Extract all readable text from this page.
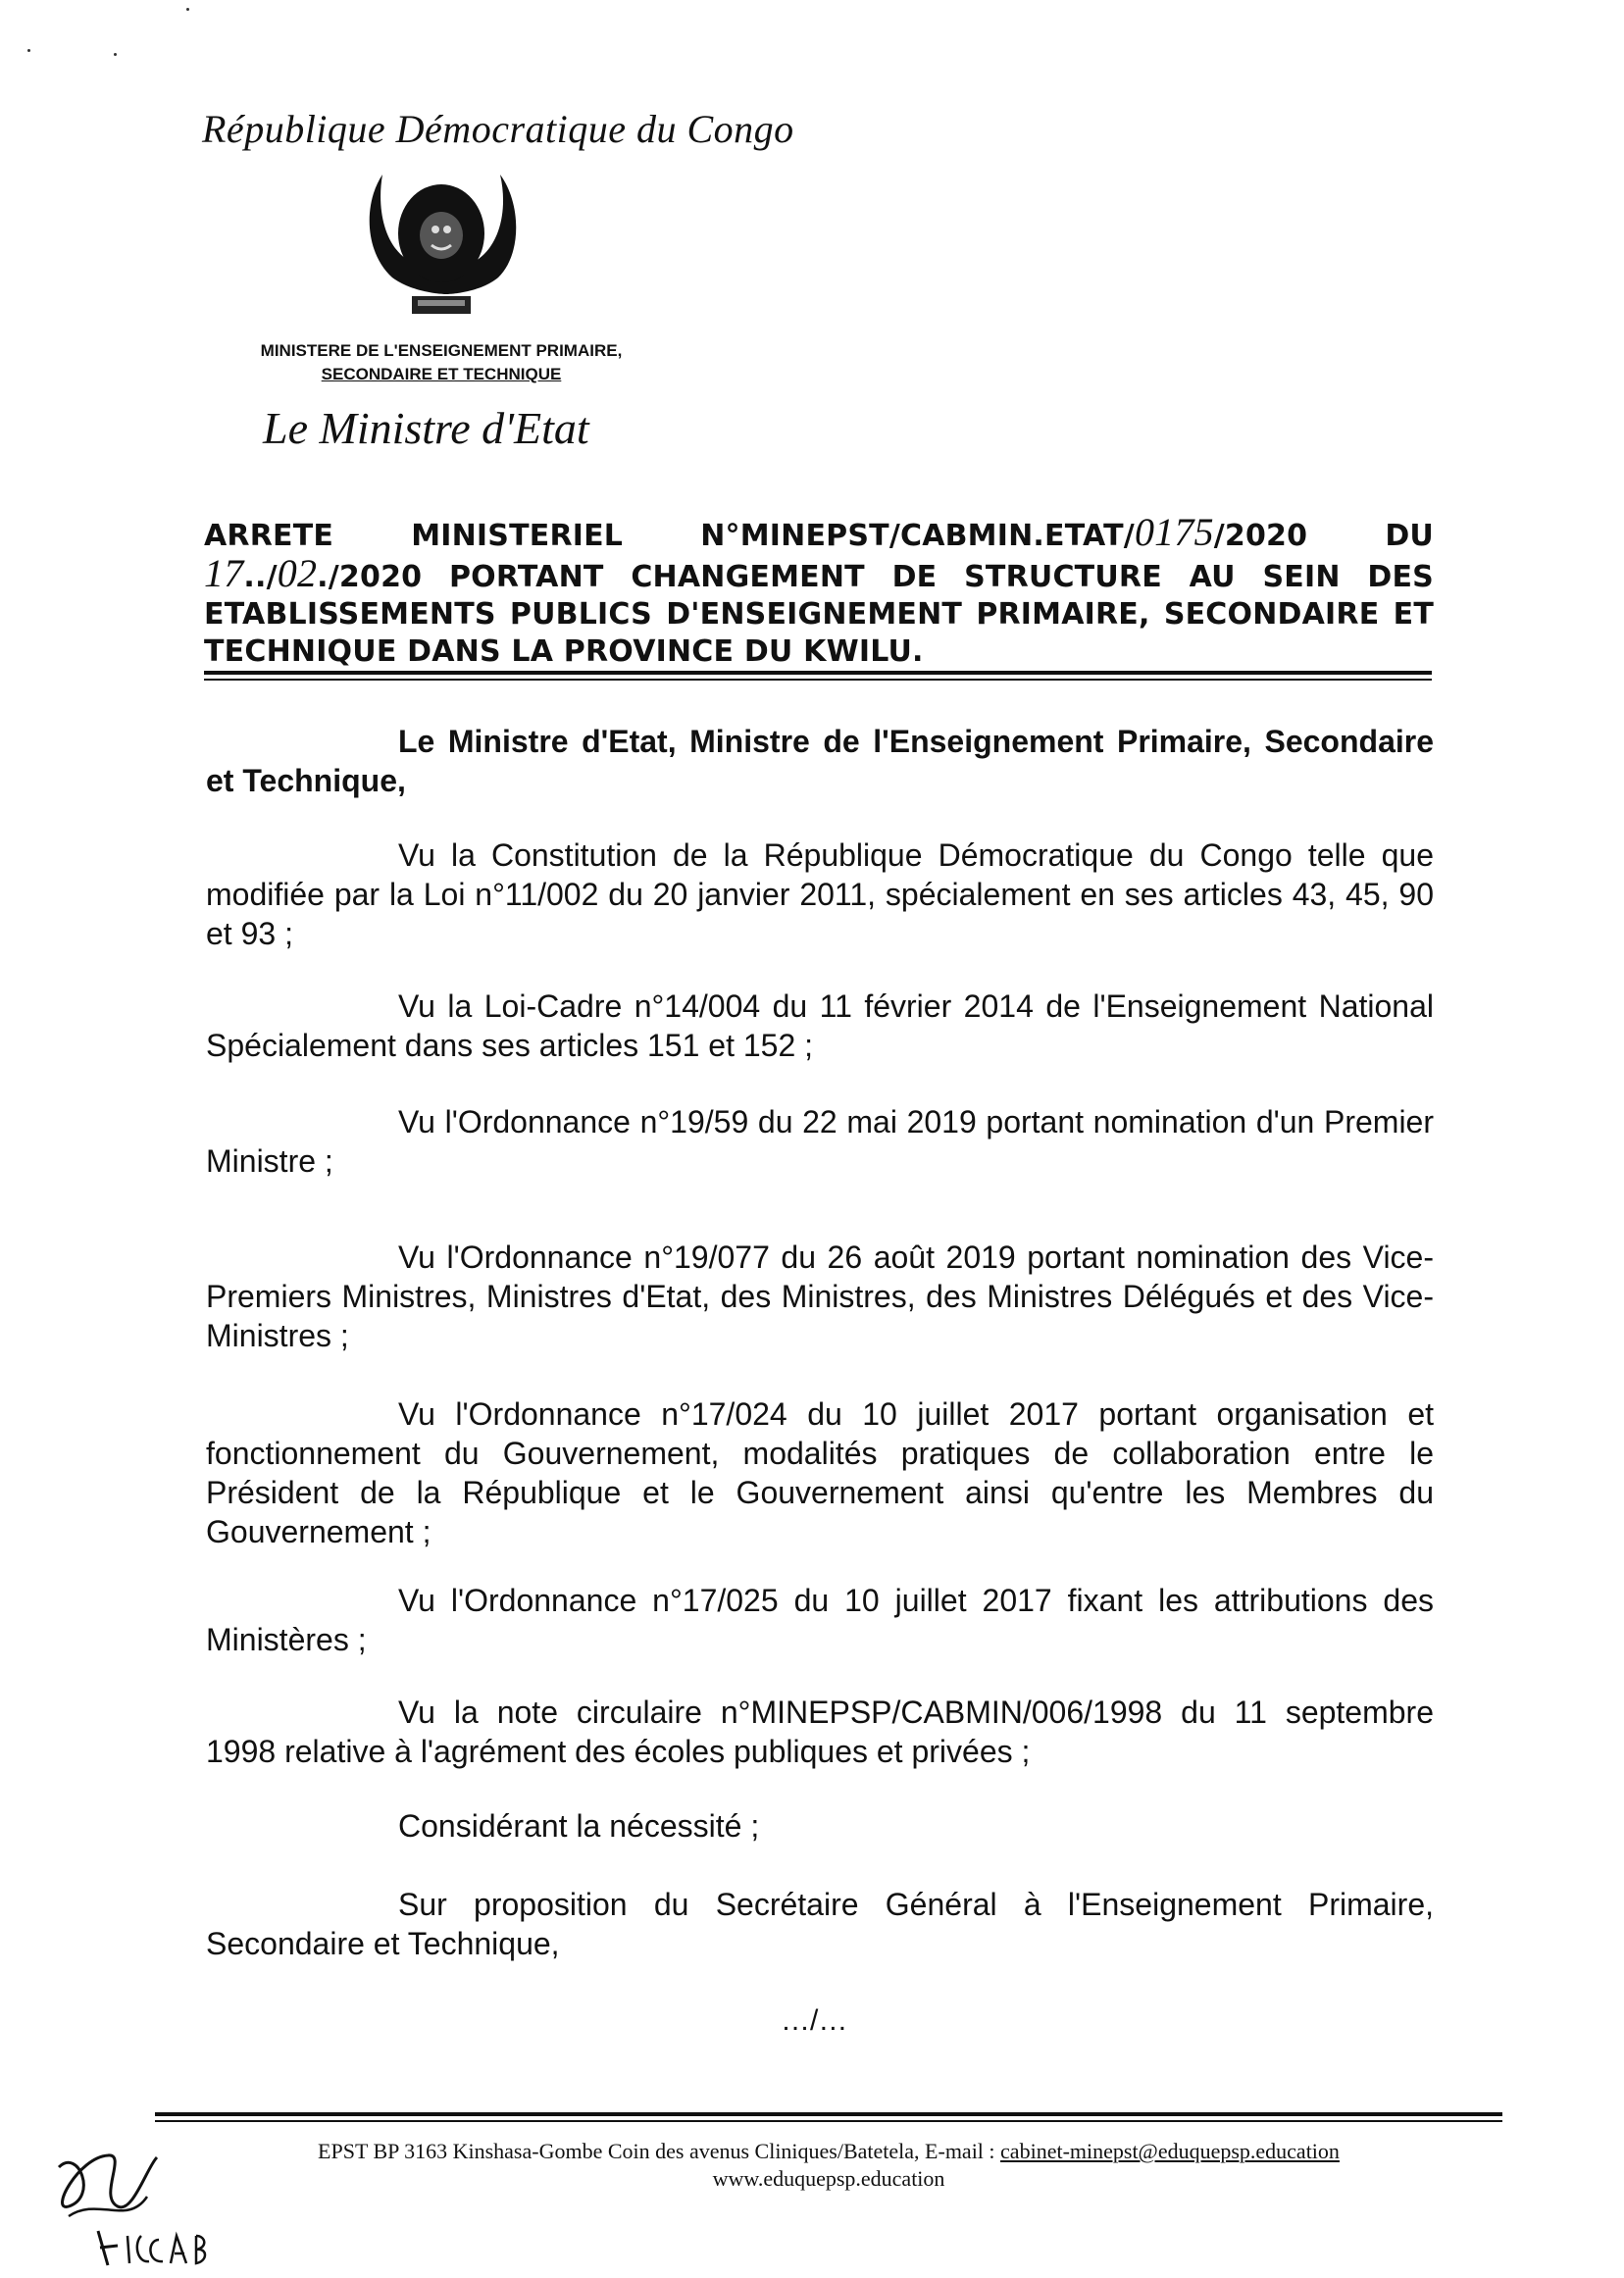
République Démocratique du Congo
MINISTERE DE L'ENSEIGNEMENT PRIMAIRE,
SECONDAIRE ET TECHNIQUE
Le Ministre d'Etat
ARRETE MINISTERIEL N°MINEPST/CABMIN.ETAT/0175/2020 DU 17../02./2020 PORTANT CHANGEMENT DE STRUCTURE AU SEIN DES ETABLISSEMENTS PUBLICS D'ENSEIGNEMENT PRIMAIRE, SECONDAIRE ET TECHNIQUE DANS LA PROVINCE DU KWILU.
Le Ministre d'Etat, Ministre de l'Enseignement Primaire, Secondaire et Technique,
Vu la Constitution de la République Démocratique du Congo telle que modifiée par la Loi n°11/002 du 20 janvier 2011, spécialement en ses articles 43, 45, 90 et 93 ;
Vu la Loi-Cadre n°14/004 du 11 février 2014 de l'Enseignement National Spécialement dans ses articles 151 et 152 ;
Vu l'Ordonnance n°19/59 du 22 mai 2019 portant nomination d'un Premier Ministre ;
Vu l'Ordonnance n°19/077 du 26 août 2019 portant nomination des Vice-Premiers Ministres, Ministres d'Etat, des Ministres, des Ministres Délégués et des Vice-Ministres ;
Vu l'Ordonnance n°17/024 du 10 juillet 2017 portant organisation et fonctionnement du Gouvernement, modalités pratiques de collaboration entre le Président de la République et le Gouvernement ainsi qu'entre les Membres du Gouvernement ;
Vu l'Ordonnance n°17/025 du 10 juillet 2017 fixant les attributions des Ministères ;
Vu la note circulaire n°MINEPSP/CABMIN/006/1998 du 11 septembre 1998 relative à l'agrément des écoles publiques et privées ;
Considérant la nécessité ;
Sur proposition du Secrétaire Général à l'Enseignement Primaire, Secondaire et Technique,
…/…
EPST BP 3163 Kinshasa-Gombe Coin des avenus Cliniques/Batetela, E-mail : cabinet-minepst@eduquepsp.education
www.eduquepsp.education
